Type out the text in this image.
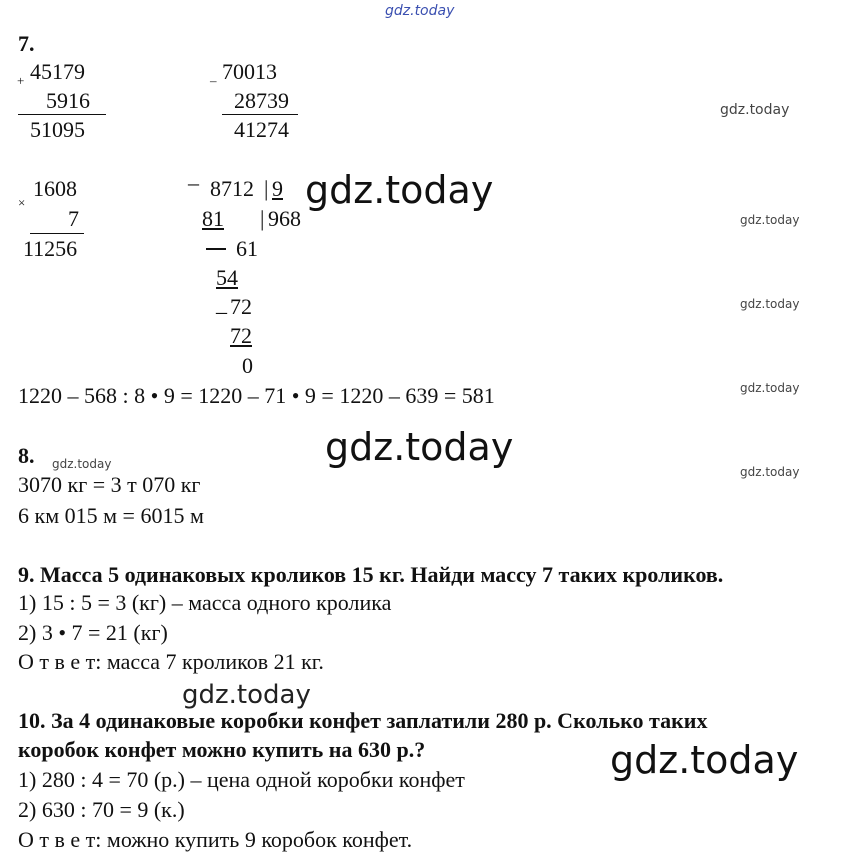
gdz.today
gdz.today
gdz.today
gdz.today
gdz.today
gdz.today
gdz.today
gdz.today
gdz.today
gdz.today
gdz.today
7.
+ 45179
5916
51095
– 70013
28739
41274
×
1608
7
11256
– 8712 | 9
81 | 968
61
54
_ 72
72
0
1220 – 568 : 8 • 9 = 1220 – 71 • 9 = 1220 – 639 = 581
8.
3070 кг = 3 т 070 кг
6 км 015 м = 6015 м
9. Масса 5 одинаковых кроликов 15 кг. Найди массу 7 таких кроликов.
1) 15 : 5 = 3 (кг) – масса одного кролика
2) 3 • 7 = 21 (кг)
О т в е т: масса 7 кроликов 21 кг.
10. За 4 одинаковые коробки конфет заплатили 280 р. Сколько таких
коробок конфет можно купить на 630 р.?
1) 280 : 4 = 70 (р.) – цена одной коробки конфет
2) 630 : 70 = 9 (к.)
О т в е т: можно купить 9 коробок конфет.
